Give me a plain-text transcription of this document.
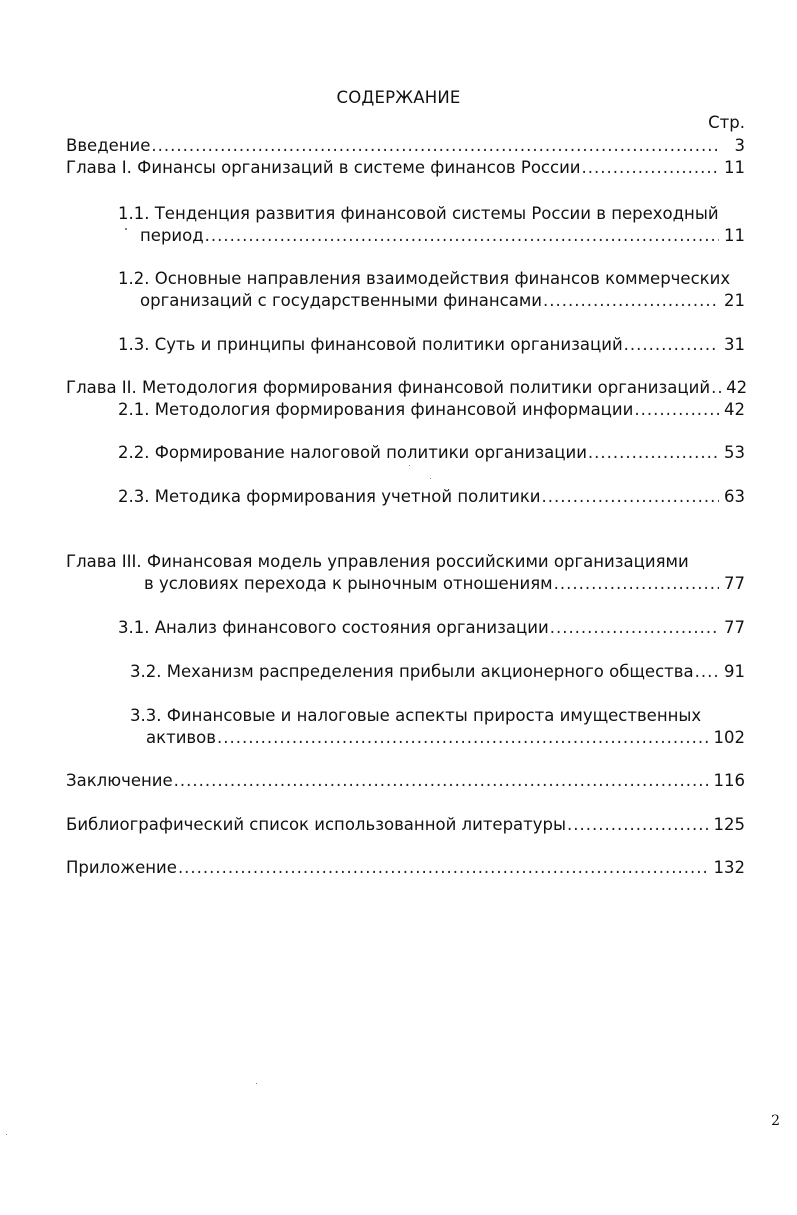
СОДЕРЖАНИЕ
Стр.
Введение .....	3
Глава I. Финансы организаций в системе финансов России .....	11
1.1. Тенденция развития финансовой системы России в переходный
период .....	11
1.2. Основные направления взаимодействия финансов коммерческих
организаций с государственными финансами .....	21
1.3. Суть и принципы финансовой политики организаций .....	31
Глава II. Методология формирования финансовой политики организаций ..... 42
2.1. Методология формирования финансовой информации .....	42
2.2. Формирование налоговой политики организации .....	53
2.3. Методика формирования учетной политики .....	63
Глава III. Финансовая модель управления российскими организациями
в условиях перехода к рыночным отношениям .....	77
3.1. Анализ финансового состояния организации .....	77
3.2. Механизм распределения прибыли акционерного общества ..... 91
3.3. Финансовые и налоговые аспекты прироста имущественных
активов .....	102
Заключение .....	116
Библиографический список использованной литературы .....	125
Приложение .....	132
2
